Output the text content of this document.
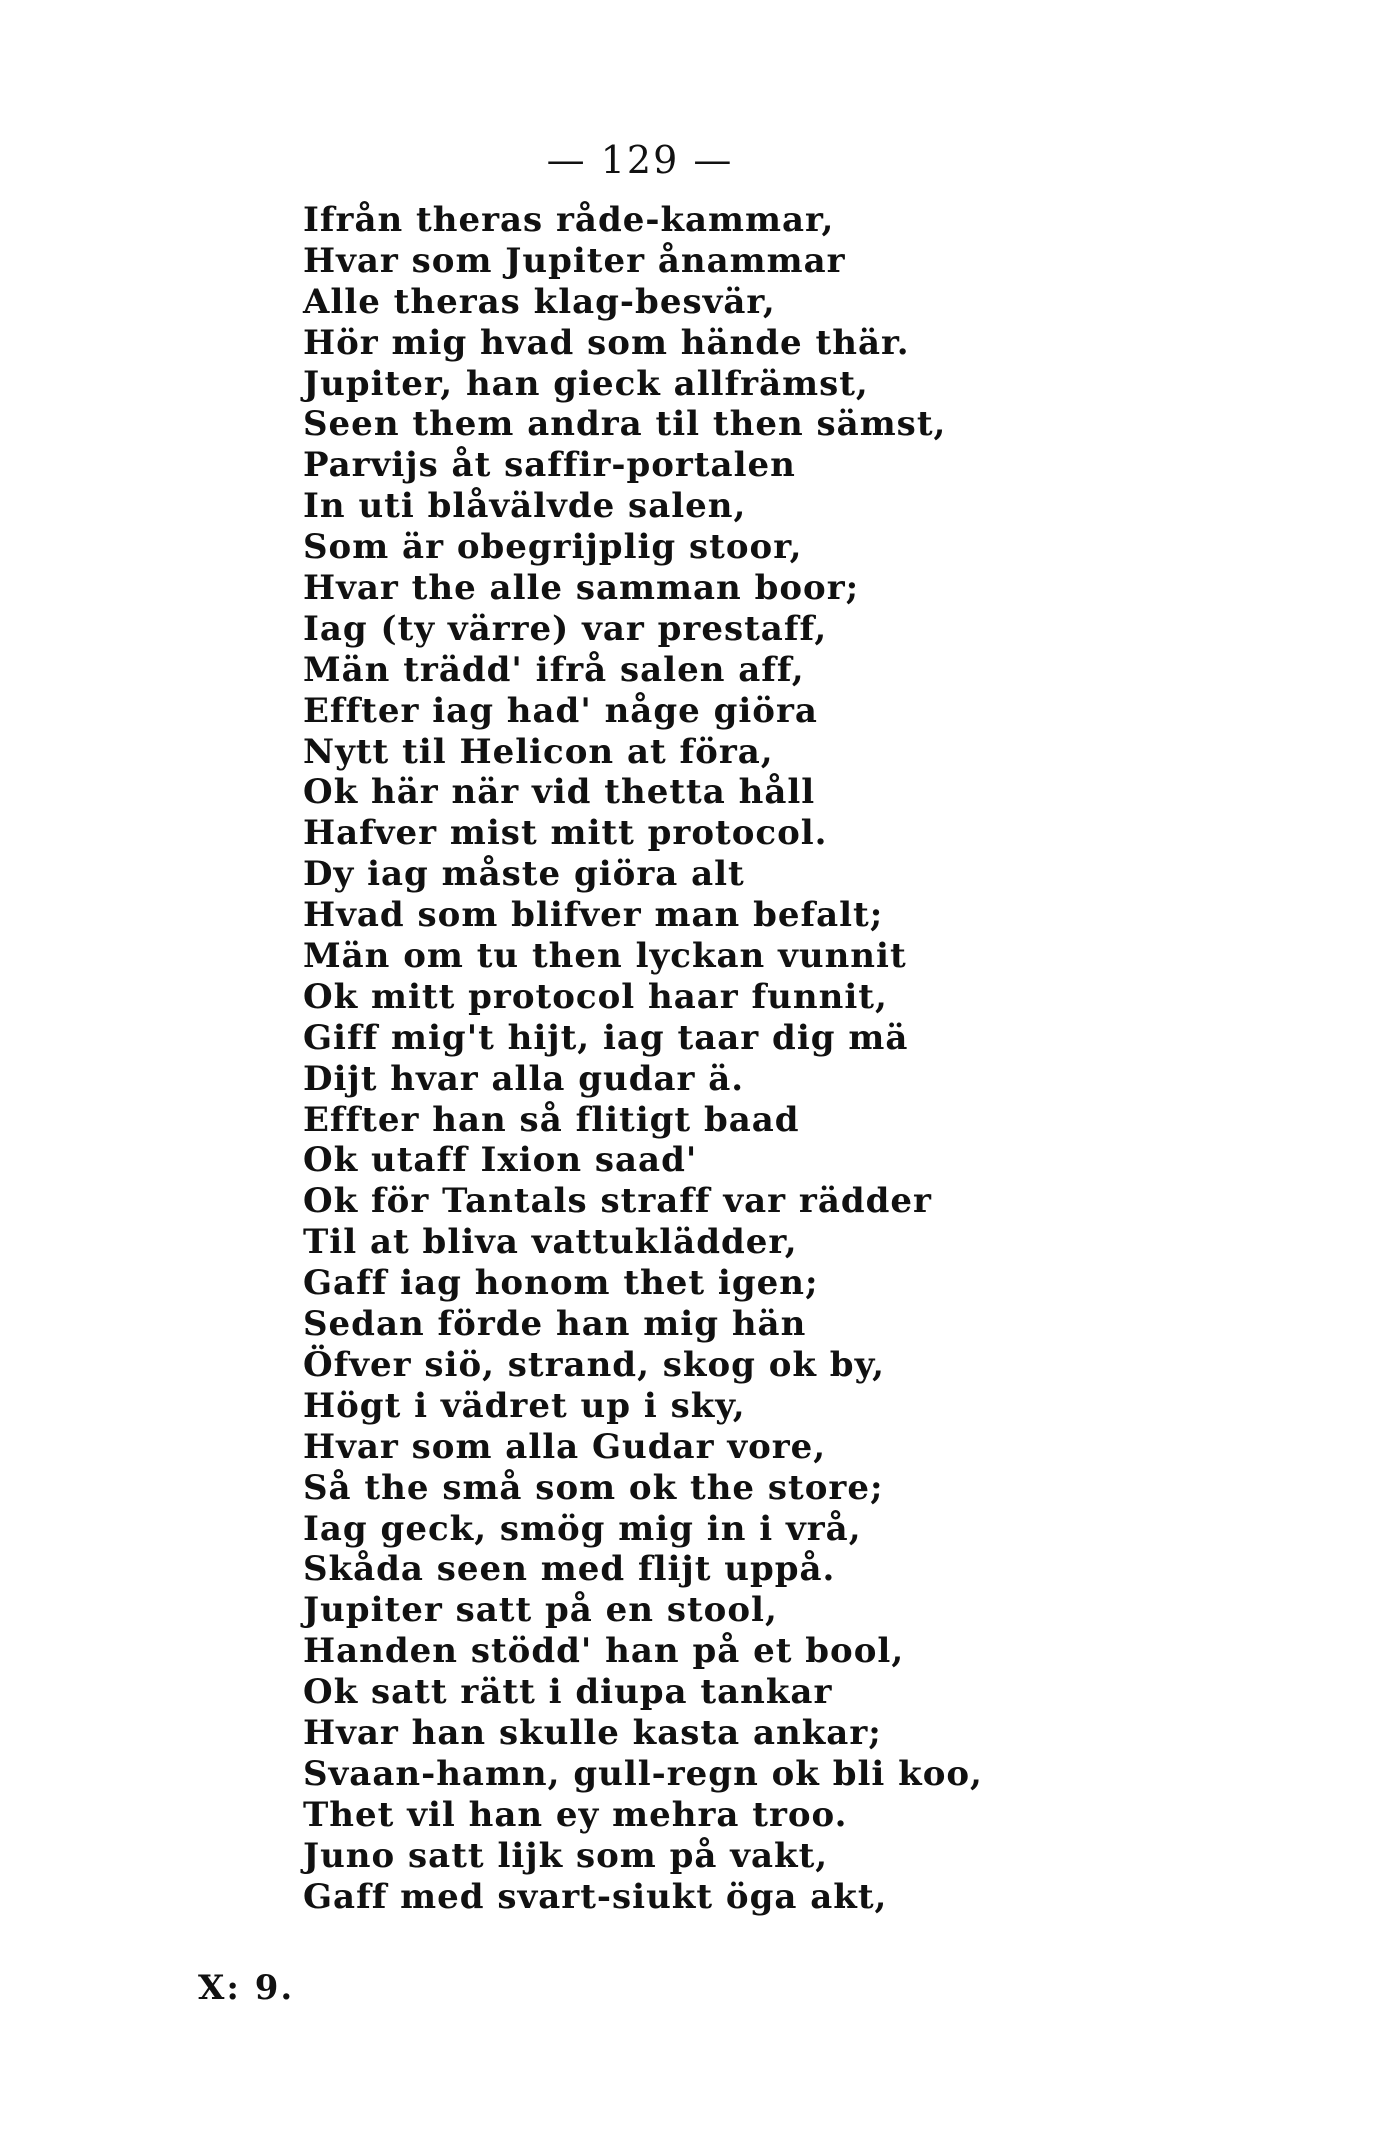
— 129 —
Ifrån theras råde-kammar,
Hvar som Jupiter ånammar
Alle theras klag-besvär,
Hör mig hvad som hände thär.
Jupiter, han gieck allfrämst,
Seen them andra til then sämst,
Parvijs åt saffir-portalen
In uti blåvälvde salen,
Som är obegrijplig stoor,
Hvar the alle samman boor;
Iag (ty värre) var prestaff,
Män trädd' ifrå salen aff,
Effter iag had' någe giöra
Nytt til Helicon at föra,
Ok här när vid thetta håll
Hafver mist mitt protocol.
Dy iag måste giöra alt
Hvad som blifver man befalt;
Män om tu then lyckan vunnit
Ok mitt protocol haar funnit,
Giff mig't hijt, iag taar dig mä
Dijt hvar alla gudar ä.
Effter han så flitigt baad
Ok utaff Ixion saad'
Ok för Tantals straff var rädder
Til at bliva vattuklädder,
Gaff iag honom thet igen;
Sedan förde han mig hän
Öfver siö, strand, skog ok by,
Högt i vädret up i sky,
Hvar som alla Gudar vore,
Så the små som ok the store;
Iag geck, smög mig in i vrå,
Skåda seen med flijt uppå.
Jupiter satt på en stool,
Handen stödd' han på et bool,
Ok satt rätt i diupa tankar
Hvar han skulle kasta ankar;
Svaan-hamn, gull-regn ok bli koo,
Thet vil han ey mehra troo.
Juno satt lijk som på vakt,
Gaff med svart-siukt öga akt,
X: 9.
